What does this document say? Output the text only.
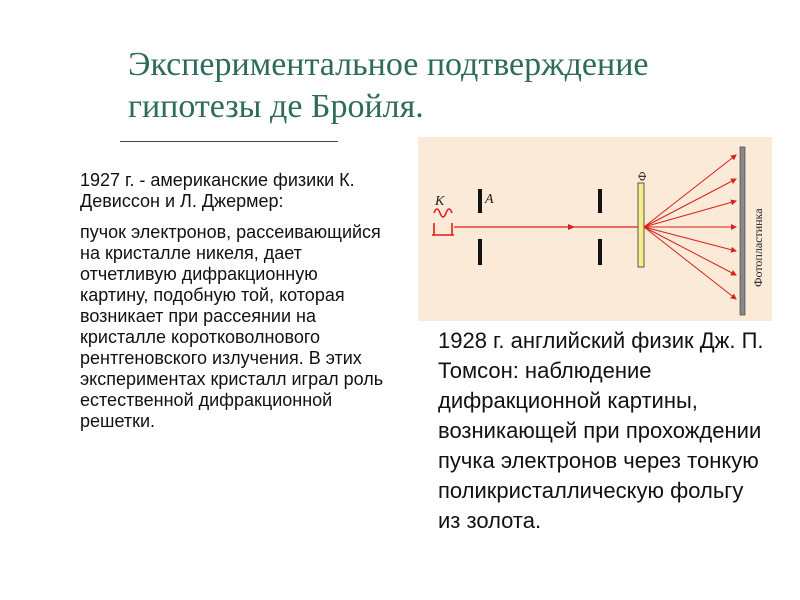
Экспериментальное подтверждение
гипотезы де Бройля.

1927 г. - американские физики К. Девиссон и Л. Джермер:

пучок электронов, рассеивающийся на кристалле никеля, дает отчетливую дифракционную картину, подобную той, которая возникает при рассеянии на кристалле коротковолнового рентгеновского излучения. В этих экспериментах кристалл играл роль естественной дифракционной решетки.

К	А
Ф
Фотопластинка

1928 г. английский физик Дж. П. Томсон: наблюдение дифракционной картины, возникающей при прохождении пучка электронов через тонкую поликристаллическую фольгу из золота.
